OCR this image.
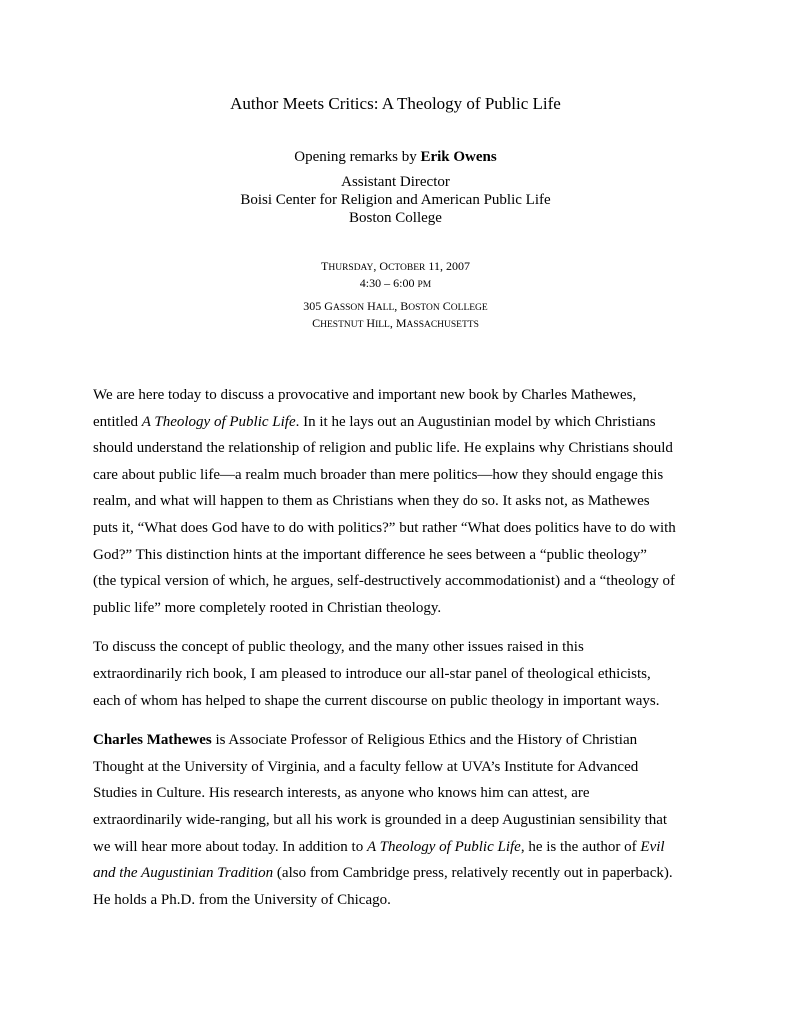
Author Meets Critics: A Theology of Public Life
Opening remarks by Erik Owens
Assistant Director
Boisi Center for Religion and American Public Life
Boston College
THURSDAY, OCTOBER 11, 2007
4:30 – 6:00 PM
305 GASSON HALL, BOSTON COLLEGE
CHESTNUT HILL, MASSACHUSETTS

We are here today to discuss a provocative and important new book by Charles Mathewes,
entitled A Theology of Public Life. In it he lays out an Augustinian model by which Christians
should understand the relationship of religion and public life. He explains why Christians should
care about public life—a realm much broader than mere politics—how they should engage this
realm, and what will happen to them as Christians when they do so. It asks not, as Mathewes
puts it, “What does God have to do with politics?” but rather “What does politics have to do with
God?” This distinction hints at the important difference he sees between a “public theology”
(the typical version of which, he argues, self-destructively accommodationist) and a “theology of
public life” more completely rooted in Christian theology.

To discuss the concept of public theology, and the many other issues raised in this
extraordinarily rich book, I am pleased to introduce our all-star panel of theological ethicists,
each of whom has helped to shape the current discourse on public theology in important ways.

Charles Mathewes is Associate Professor of Religious Ethics and the History of Christian
Thought at the University of Virginia, and a faculty fellow at UVA’s Institute for Advanced
Studies in Culture. His research interests, as anyone who knows him can attest, are
extraordinarily wide-ranging, but all his work is grounded in a deep Augustinian sensibility that
we will hear more about today. In addition to A Theology of Public Life, he is the author of Evil
and the Augustinian Tradition (also from Cambridge press, relatively recently out in paperback).
He holds a Ph.D. from the University of Chicago.
